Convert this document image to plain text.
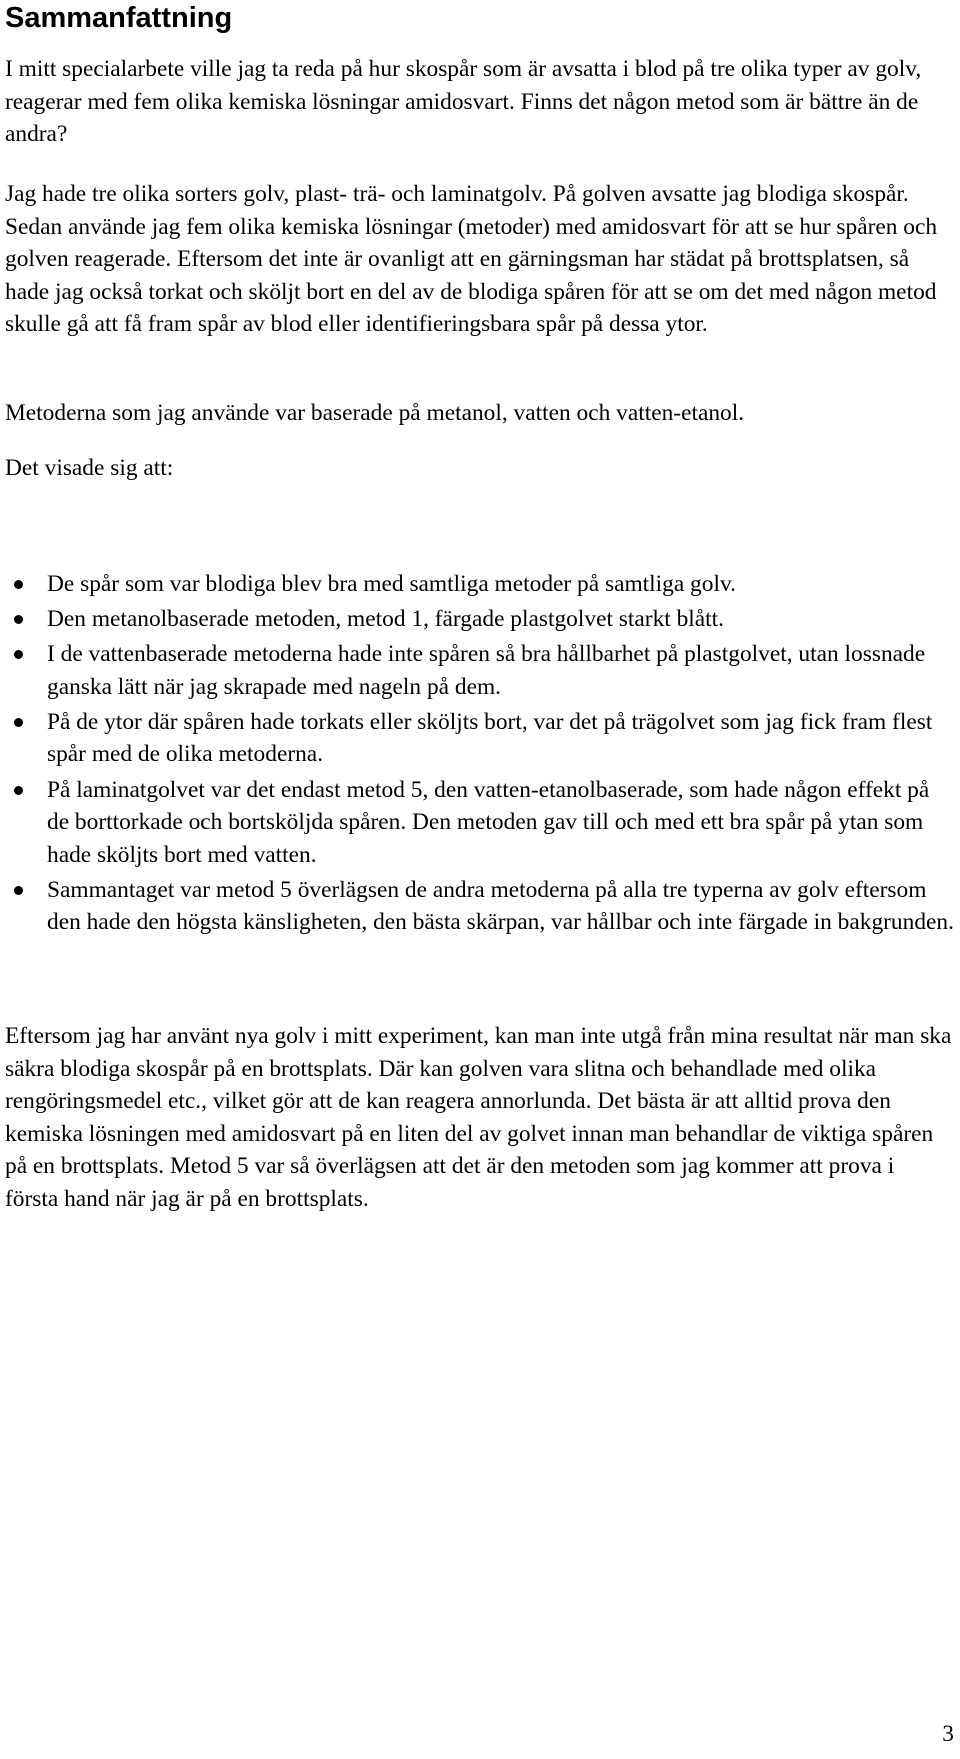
Sammanfattning

I mitt specialarbete ville jag ta reda på hur skospår som är avsatta i blod på tre olika typer av golv, reagerar med fem olika kemiska lösningar amidosvart. Finns det någon metod som är bättre än de andra?

Jag hade tre olika sorters golv, plast- trä- och laminatgolv. På golven avsatte jag blodiga skospår. Sedan använde jag fem olika kemiska lösningar (metoder) med amidosvart för att se hur spåren och golven reagerade. Eftersom det inte är ovanligt att en gärningsman har städat på brottsplatsen, så hade jag också torkat och sköljt bort en del av de blodiga spåren för att se om det med någon metod skulle gå att få fram spår av blod eller identifieringsbara spår på dessa ytor.

Metoderna som jag använde var baserade på metanol, vatten och vatten-etanol.

Det visade sig att:

De spår som var blodiga blev bra med samtliga metoder på samtliga golv.
Den metanolbaserade metoden, metod 1, färgade plastgolvet starkt blått.
I de vattenbaserade metoderna hade inte spåren så bra hållbarhet på plastgolvet, utan lossnade ganska lätt när jag skrapade med nageln på dem.
På de ytor där spåren hade torkats eller sköljts bort, var det på trägolvet som jag fick fram flest spår med de olika metoderna.
På laminatgolvet var det endast metod 5, den vatten-etanolbaserade, som hade någon effekt på de borttorkade och bortsköljda spåren. Den metoden gav till och med ett bra spår på ytan som hade sköljts bort med vatten.
Sammantaget var metod 5 överlägsen de andra metoderna på alla tre typerna av golv eftersom den hade den högsta känsligheten, den bästa skärpan, var hållbar och inte färgade in bakgrunden.

Eftersom jag har använt nya golv i mitt experiment, kan man inte utgå från mina resultat när man ska säkra blodiga skospår på en brottsplats. Där kan golven vara slitna och behandlade med olika rengöringsmedel etc., vilket gör att de kan reagera annorlunda. Det bästa är att alltid prova den kemiska lösningen med amidosvart på en liten del av golvet innan man behandlar de viktiga spåren på en brottsplats. Metod 5 var så överlägsen att det är den metoden som jag kommer att prova i första hand när jag är på en brottsplats.

3
